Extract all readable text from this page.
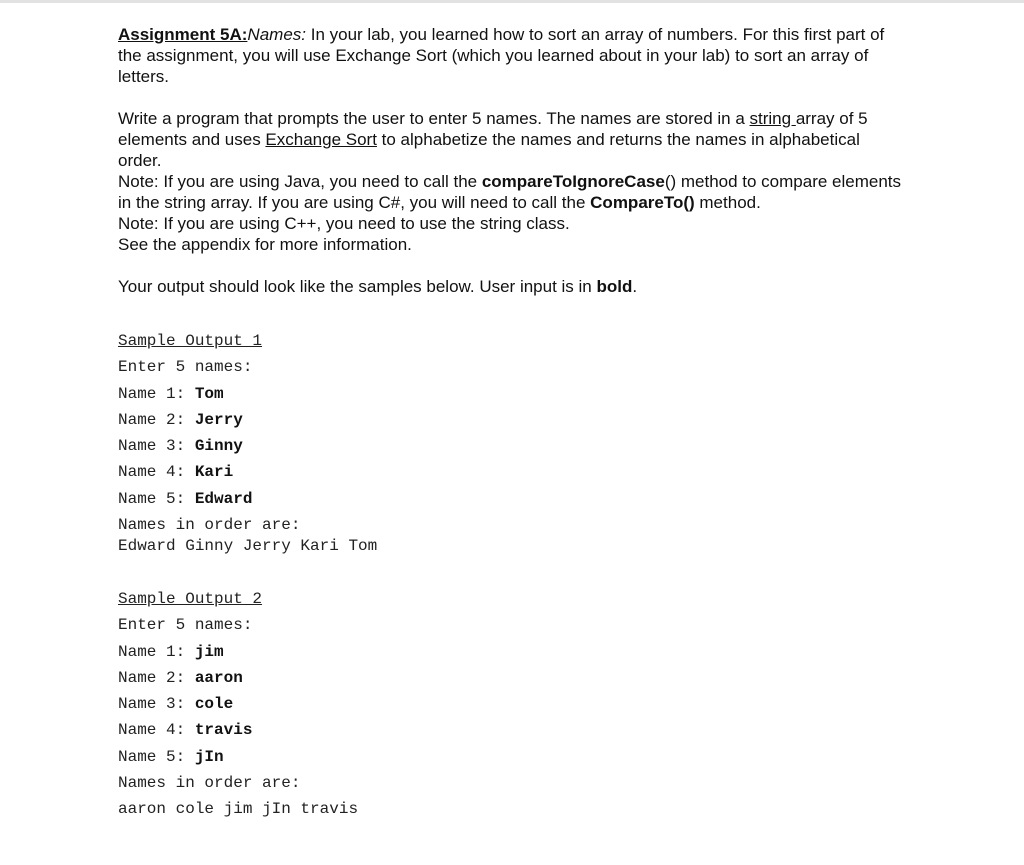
Assignment 5A:Names: In your lab, you learned how to sort an array of numbers. For this first part of the assignment, you will use Exchange Sort (which you learned about in your lab) to sort an array of letters.

Write a program that prompts the user to enter 5 names. The names are stored in a string array of 5 elements and uses Exchange Sort to alphabetize the names and returns the names in alphabetical order.

Note: If you are using Java, you need to call the compareToIgnoreCase() method to compare elements in the string array. If you are using C#, you will need to call the CompareTo() method.

Note: If you are using C++, you need to use the string class.

See the appendix for more information.

Your output should look like the samples below. User input is in bold.

Sample Output 1
Enter 5 names:
Name 1: Tom
Name 2: Jerry
Name 3: Ginny
Name 4: Kari
Name 5: Edward
Names in order are:
Edward Ginny Jerry Kari Tom
Sample Output 2
Enter 5 names:
Name 1: jim
Name 2: aaron
Name 3: cole
Name 4: travis
Name 5: jIn
Names in order are:
aaron cole jim jIn travis
